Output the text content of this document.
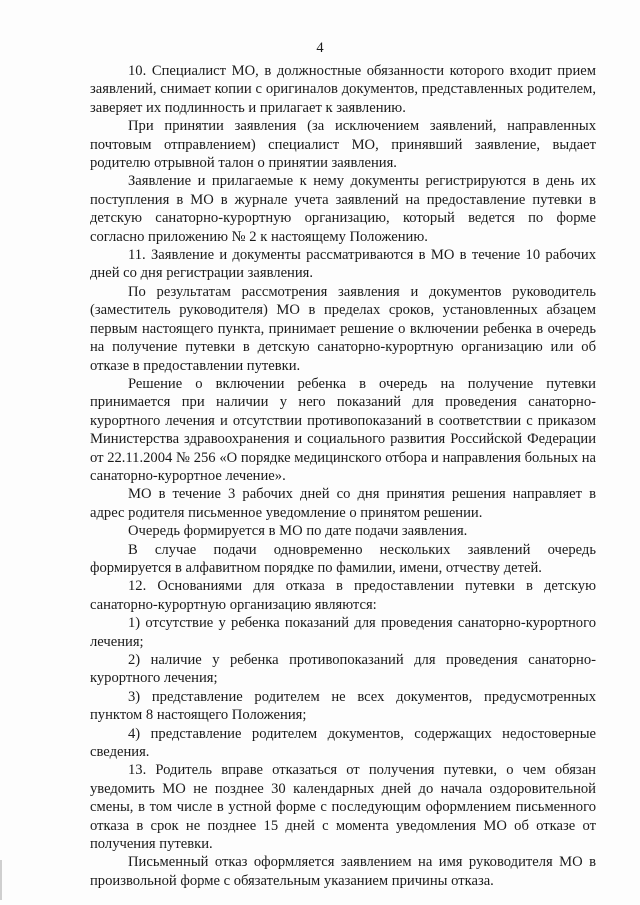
4

10. Специалист МО, в должностные обязанности которого входит прием заявлений, снимает копии с оригиналов документов, представленных родителем, заверяет их подлинность и прилагает к заявлению.

При принятии заявления (за исключением заявлений, направленных почтовым отправлением) специалист МО, принявший заявление, выдает родителю отрывной талон о принятии заявления.

Заявление и прилагаемые к нему документы регистрируются в день их поступления в МО в журнале учета заявлений на предоставление путевки в детскую санаторно-курортную организацию, который ведется по форме согласно приложению № 2 к настоящему Положению.

11. Заявление и документы рассматриваются в МО в течение 10 рабочих дней со дня регистрации заявления.

По результатам рассмотрения заявления и документов руководитель (заместитель руководителя) МО в пределах сроков, установленных абзацем первым настоящего пункта, принимает решение о включении ребенка в очередь на получение путевки в детскую санаторно-курортную организацию или об отказе в предоставлении путевки.

Решение о включении ребенка в очередь на получение путевки принимается при наличии у него показаний для проведения санаторно-курортного лечения и отсутствии противопоказаний в соответствии с приказом Министерства здравоохранения и социального развития Российской Федерации от 22.11.2004 № 256 «О порядке медицинского отбора и направления больных на санаторно-курортное лечение».

МО в течение 3 рабочих дней со дня принятия решения направляет в адрес родителя письменное уведомление о принятом решении.

Очередь формируется в МО по дате подачи заявления.

В случае подачи одновременно нескольких заявлений очередь формируется в алфавитном порядке по фамилии, имени, отчеству детей.

12. Основаниями для отказа в предоставлении путевки в детскую санаторно-курортную организацию являются:

1) отсутствие у ребенка показаний для проведения санаторно-курортного лечения;

2) наличие у ребенка противопоказаний для проведения санаторно-курортного лечения;

3) представление родителем не всех документов, предусмотренных пунктом 8 настоящего Положения;

4) представление родителем документов, содержащих недостоверные сведения.

13. Родитель вправе отказаться от получения путевки, о чем обязан уведомить МО не позднее 30 календарных дней до начала оздоровительной смены, в том числе в устной форме с последующим оформлением письменного отказа в срок не позднее 15 дней с момента уведомления МО об отказе от получения путевки.

Письменный отказ оформляется заявлением на имя руководителя МО в произвольной форме с обязательным указанием причины отказа.
